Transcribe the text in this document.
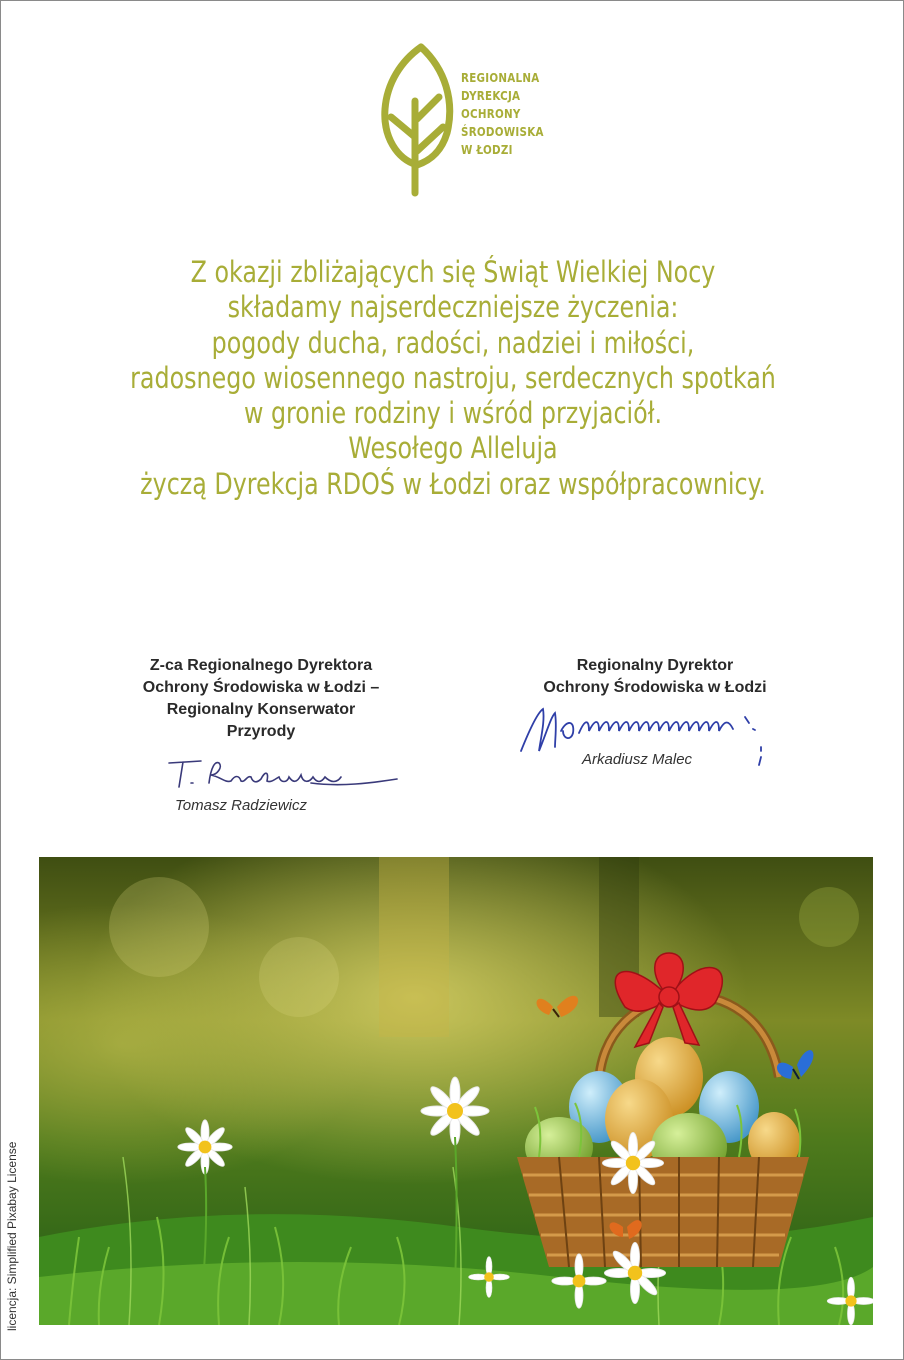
REGIONALNA
DYREKCJA
OCHRONY
ŚRODOWISKA
W ŁODZI
Z okazji zbliżających się Świąt Wielkiej Nocy
składamy najserdeczniejsze życzenia:
pogody ducha, radości, nadziei i miłości,
radosnego wiosennego nastroju, serdecznych spotkań
w gronie rodziny i wśród przyjaciół.
Wesołego Alleluja
życzą Dyrekcja RDOŚ w Łodzi oraz współpracownicy.
Z-ca Regionalnego Dyrektora
Ochrony Środowiska w Łodzi –
Regionalny Konserwator
Przyrody
Tomasz Radziewicz
Regionalny Dyrektor
Ochrony Środowiska w Łodzi
Arkadiusz Malec
licencja: Simplified Pixabay License
